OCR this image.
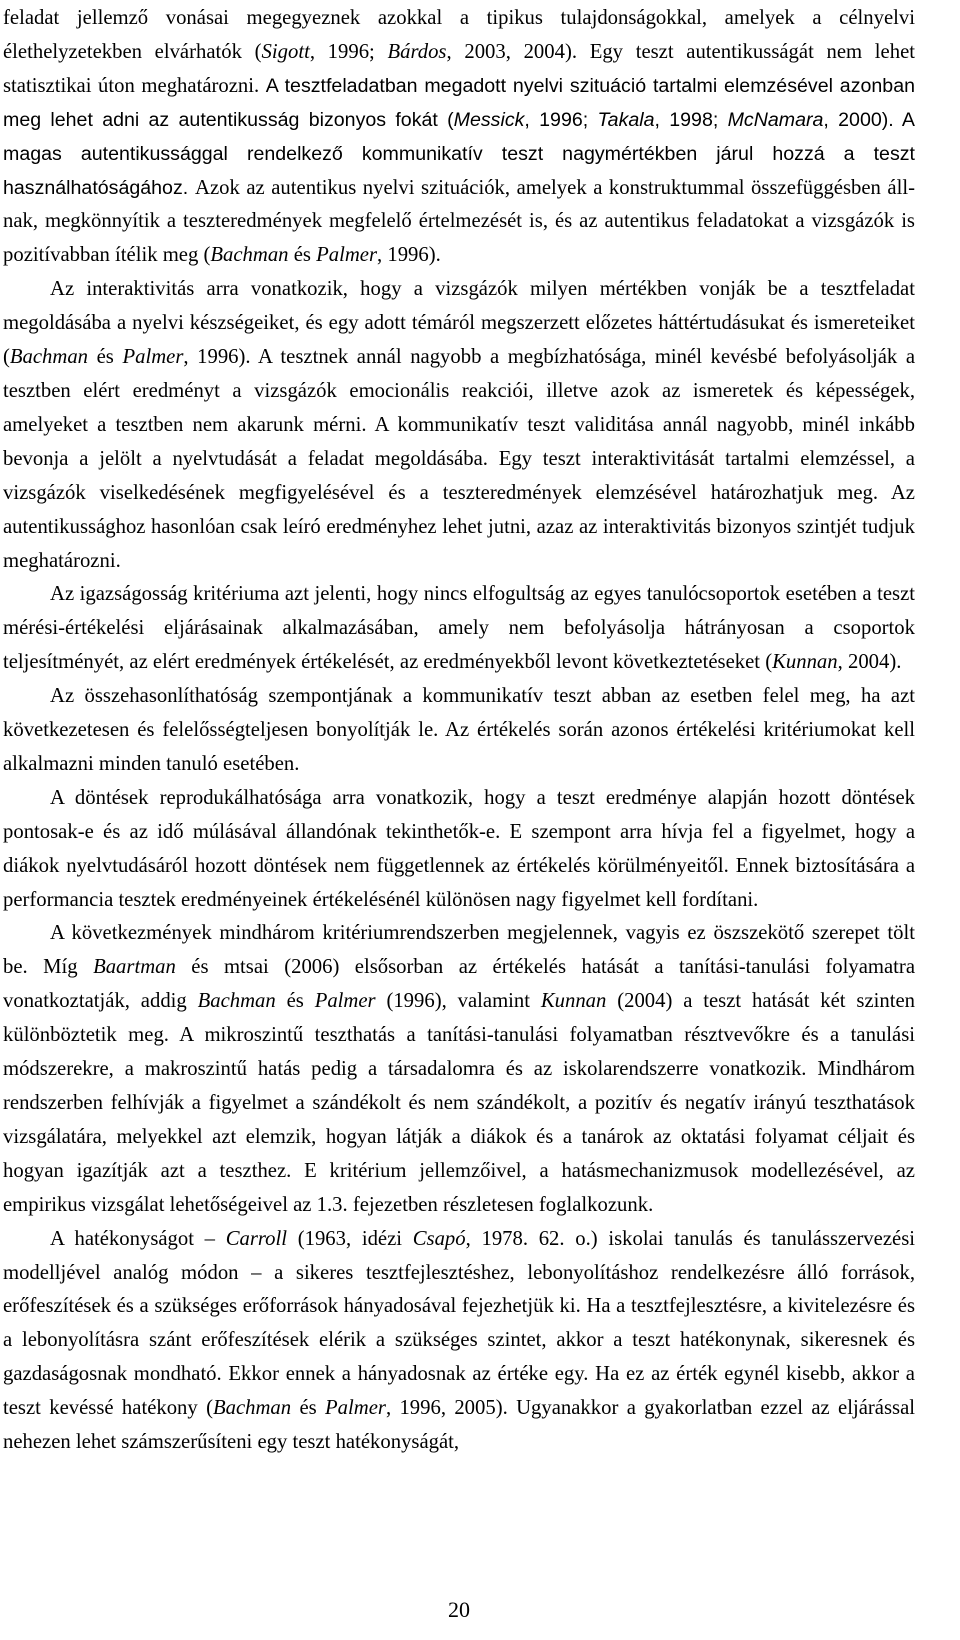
feladat jellemző vonásai megegyeznek azokkal a tipikus tulajdonságokkal, amelyek a célnyelvi élethelyzetekben elvárhatók (Sigott, 1996; Bárdos, 2003, 2004). Egy teszt autentikusságát nem lehet statisztikai úton meghatározni. A tesztfeladatban megadott nyelvi szituáció tartalmi elemzésével azonban meg lehet adni az autentikusság bizonyos fokát (Messick, 1996; Takala, 1998; McNamara, 2000). A magas autentikussággal rendelkező kommunikatív teszt nagymértékben járul hozzá a teszt használhatóságához. Azok az autentikus nyelvi szituációk, amelyek a konstruktummal összefüggésben állnak, megkönnyítik a teszteredmények megfelelő értelmezését is, és az autentikus feladatokat a vizsgázók is pozitívabban ítélik meg (Bachman és Palmer, 1996).

Az interaktivitás arra vonatkozik, hogy a vizsgázók milyen mértékben vonják be a tesztfeladat megoldásába a nyelvi készségeiket, és egy adott témáról megszerzett előzetes háttértudásukat és ismereteiket (Bachman és Palmer, 1996). A tesztnek annál nagyobb a megbízhatósága, minél kevésbé befolyásolják a tesztben elért eredményt a vizsgázók emocionális reakciói, illetve azok az ismeretek és képességek, amelyeket a tesztben nem akarunk mérni. A kommunikatív teszt validitása annál nagyobb, minél inkább bevonja a jelölt a nyelvtudását a feladat megoldásába. Egy teszt interaktivitását tartalmi elemzéssel, a vizsgázók viselkedésének megfigyelésével és a teszteredmények elemzésével határozhatjuk meg. Az autentikussághoz hasonlóan csak leíró eredményhez lehet jutni, azaz az interaktivitás bizonyos szintjét tudjuk meghatározni.

Az igazságosság kritériuma azt jelenti, hogy nincs elfogultság az egyes tanulócsoportok esetében a teszt mérési-értékelési eljárásainak alkalmazásában, amely nem befolyásolja hátrányosan a csoportok teljesítményét, az elért eredmények értékelését, az eredményekből levont következtetéseket (Kunnan, 2004).

Az összehasonlíthatóság szempontjának a kommunikatív teszt abban az esetben felel meg, ha azt következetesen és felelősségteljesen bonyolítják le. Az értékelés során azonos értékelési kritériumokat kell alkalmazni minden tanuló esetében.

A döntések reprodukálhatósága arra vonatkozik, hogy a teszt eredménye alapján hozott döntések pontosak-e és az idő múlásával állandónak tekinthetők-e. E szempont arra hívja fel a figyelmet, hogy a diákok nyelvtudásáról hozott döntések nem függetlennek az értékelés körülményeitől. Ennek biztosítására a performancia tesztek eredményeinek értékelésénél különösen nagy figyelmet kell fordítani.

A következmények mindhárom kritériumrendszerben megjelennek, vagyis ez öszszekötő szerepet tölt be. Míg Baartman és mtsai (2006) elsősorban az értékelés hatását a tanítási-tanulási folyamatra vonatkoztatják, addig Bachman és Palmer (1996), valamint Kunnan (2004) a teszt hatását két szinten különböztetik meg. A mikroszintű teszthatás a tanítási-tanulási folyamatban résztvevőkre és a tanulási módszerekre, a makroszintű hatás pedig a társadalomra és az iskolarendszerre vonatkozik. Mindhárom rendszerben felhívják a figyelmet a szándékolt és nem szándékolt, a pozitív és negatív irányú teszthatások vizsgálatára, melyekkel azt elemzik, hogyan látják a diákok és a tanárok az oktatási folyamat céljait és hogyan igazítják azt a teszthez. E kritérium jellemzőivel, a hatásmechanizmusok modellezésével, az empirikus vizsgálat lehetőségeivel az 1.3. fejezetben részletesen foglalkozunk.

A hatékonyságot – Carroll (1963, idézi Csapó, 1978. 62. o.) iskolai tanulás és tanulásszervezési modelljével analóg módon – a sikeres tesztfejlesztéshez, lebonyolításhoz rendelkezésre álló források, erőfeszítések és a szükséges erőforrások hányadosával fejezhetjük ki. Ha a tesztfejlesztésre, a kivitelezésre és a lebonyolításra szánt erőfeszítések elérik a szükséges szintet, akkor a teszt hatékonynak, sikeresnek és gazdaságosnak mondható. Ekkor ennek a hányadosnak az értéke egy. Ha ez az érték egynél kisebb, akkor a teszt kevéssé hatékony (Bachman és Palmer, 1996, 2005). Ugyanakkor a gyakorlatban ezzel az eljárással nehezen lehet számszerűsíteni egy teszt hatékonyságát,

20
